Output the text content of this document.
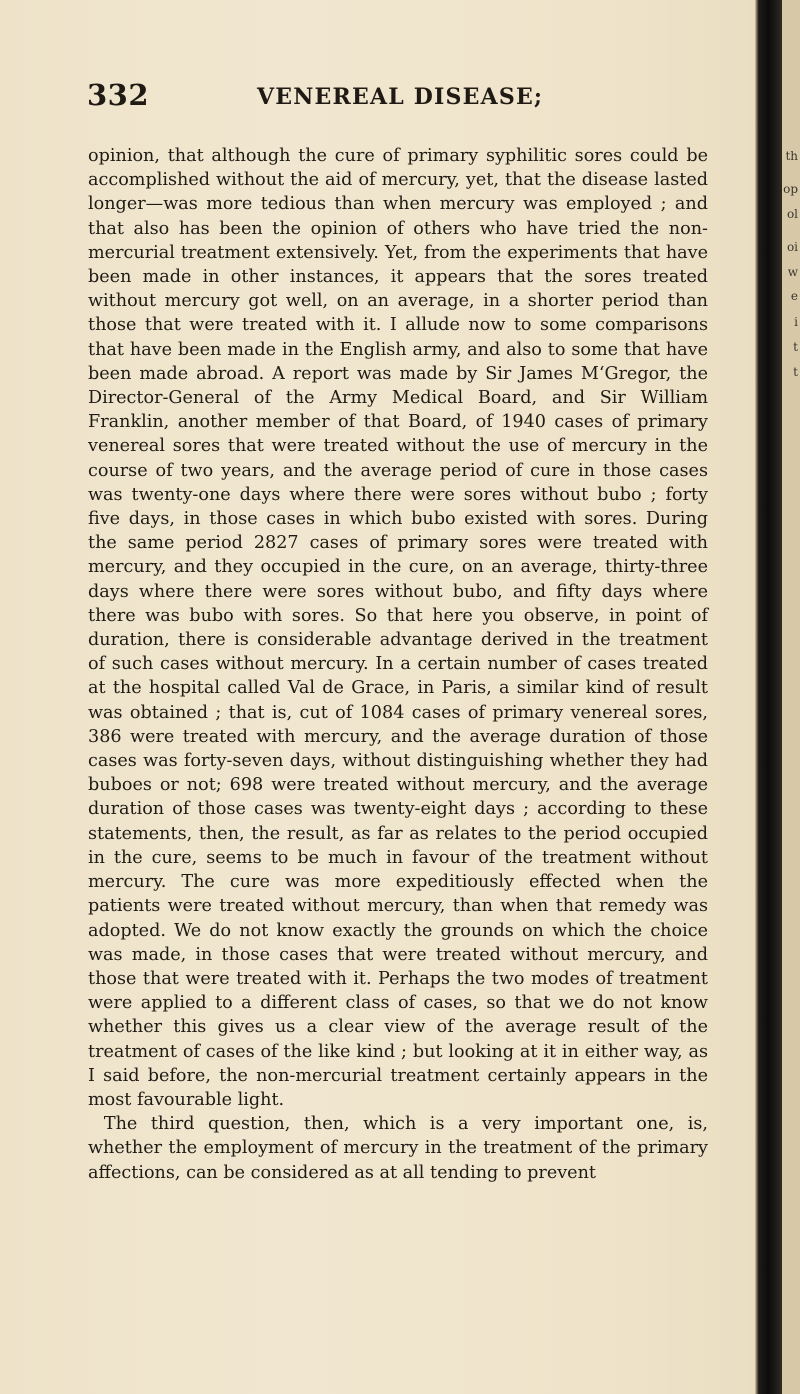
332	VENEREAL DISEASE;

opinion, that although the cure of primary syphilitic sores could be accomplished without the aid of mercury, yet, that the disease lasted longer—was more tedious than when mercury was employed ; and that also has been the opinion of others who have tried the non-mercurial treatment extensively. Yet, from the experiments that have been made in other instances, it appears that the sores treated without mercury got well, on an average, in a shorter period than those that were treated with it. I allude now to some comparisons that have been made in the English army, and also to some that have been made abroad. A report was made by Sir James M‘Gregor, the Director-General of the Army Medical Board, and Sir William Franklin, another member of that Board, of 1940 cases of primary venereal sores that were treated without the use of mercury in the course of two years, and the average period of cure in those cases was twenty-one days where there were sores without bubo ; forty five days, in those cases in which bubo existed with sores. During the same period 2827 cases of primary sores were treated with mercury, and they occupied in the cure, on an average, thirty-three days where there were sores without bubo, and fifty days where there was bubo with sores. So that here you observe, in point of duration, there is considerable advantage derived in the treatment of such cases without mercury. In a certain number of cases treated at the hospital called Val de Grace, in Paris, a similar kind of result was obtained ; that is, cut of 1084 cases of primary venereal sores, 386 were treated with mercury, and the average duration of those cases was forty-seven days, without distinguishing whether they had buboes or not; 698 were treated without mercury, and the average duration of those cases was twenty-eight days ; according to these statements, then, the result, as far as relates to the period occupied in the cure, seems to be much in favour of the treatment without mercury. The cure was more expeditiously effected when the patients were treated without mercury, than when that remedy was adopted. We do not know exactly the grounds on which the choice was made, in those cases that were treated without mercury, and those that were treated with it. Perhaps the two modes of treatment were applied to a different class of cases, so that we do not know whether this gives us a clear view of the average result of the treatment of cases of the like kind ; but looking at it in either way, as I said before, the non-mercurial treatment certainly appears in the most favourable light.

The third question, then, which is a very important one, is, whether the employment of mercury in the treatment of the primary affections, can be considered as at all tending to prevent

th
op
ol
oi
w
e
i
t
t
